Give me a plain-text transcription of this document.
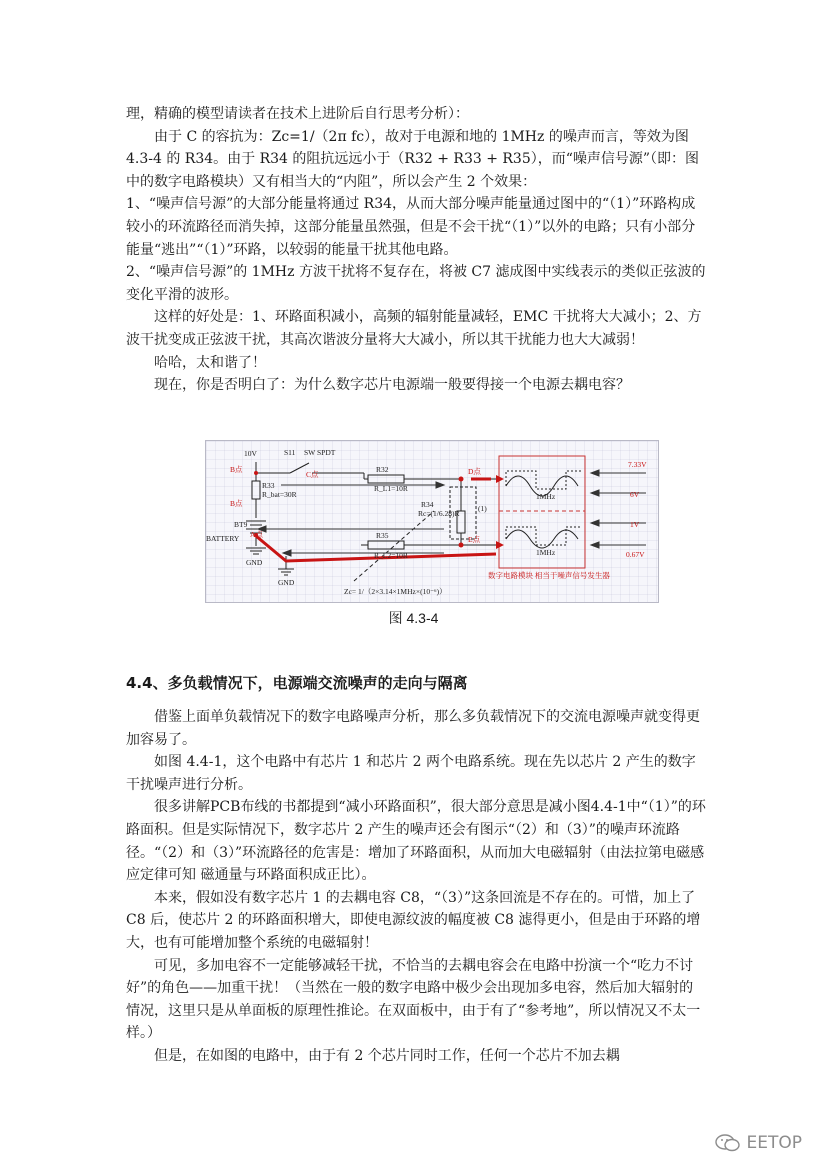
理，精确的模型请读者在技术上进阶后自行思考分析）：

由于 C 的容抗为：Zc=1/（2π fc），故对于电源和地的 1MHz 的噪声而言，等效为图 4.3-4 的 R34。由于 R34 的阻抗远远小于（R32 + R33 + R35），而“噪声信号源”（即：图中的数字电路模块）又有相当大的“内阻”，所以会产生 2 个效果：

1、“噪声信号源”的大部分能量将通过 R34，从而大部分噪声能量通过图中的“（1）”环路构成较小的环流路径而消失掉，这部分能量虽然强，但是不会干扰“（1）”以外的电路；只有小部分能量“逃出”“（1）”环路，以较弱的能量干扰其他电路。

2、“噪声信号源”的 1MHz 方波干扰将不复存在，将被 C7 滤成图中实线表示的类似正弦波的变化平滑的波形。

这样的好处是：1、环路面积减小，高频的辐射能量减轻，EMC 干扰将大大减小；2、方波干扰变成正弦波干扰，其高次谐波分量将大大减小，所以其干扰能力也大大减弱！

哈哈，太和谐了！

现在，你是否明白了：为什么数字芯片电源端一般要得接一个电源去耦电容？

10V	S11 SW SPDT
R32
R_L1=10R
R33
R_bat=30R
R34
Rc=(1/6.28)R
(1)
BT9
BATTERY	R35
R_L2=10R
GND
GND
1MHz
1MHz
Zc= 1/（2×3.14×1MHz×(10⁻⁶)）
B点
C点	D点
B点
A点
E点
7.33V
6V
1V
0.67V
数字电路模块 相当于噪声信号发生器
图 4.3-4
4.4、多负载情况下，电源端交流噪声的走向与隔离

借鉴上面单负载情况下的数字电路噪声分析，那么多负载情况下的交流电源噪声就变得更加容易了。

如图 4.4-1，这个电路中有芯片 1 和芯片 2 两个电路系统。现在先以芯片 2 产生的数字干扰噪声进行分析。

很多讲解PCB布线的书都提到“减小环路面积”，很大部分意思是减小图4.4-1中“（1）”的环路面积。但是实际情况下，数字芯片 2 产生的噪声还会有图示“（2）和（3）”的噪声环流路径。“（2）和（3）”环流路径的危害是：增加了环路面积，从而加大电磁辐射（由法拉第电磁感应定律可知 磁通量与环路面积成正比）。

本来，假如没有数字芯片 1 的去耦电容 C8，“（3）”这条回流是不存在的。可惜，加上了 C8 后，使芯片 2 的环路面积增大，即使电源纹波的幅度被 C8 滤得更小，但是由于环路的增大，也有可能增加整个系统的电磁辐射！

可见，多加电容不一定能够减轻干扰，不恰当的去耦电容会在电路中扮演一个“吃力不讨好”的角色——加重干扰！（当然在一般的数字电路中极少会出现加多电容，然后加大辐射的情况，这里只是从单面板的原理性推论。在双面板中，由于有了“参考地”，所以情况又不太一样。）

但是，在如图的电路中，由于有 2 个芯片同时工作，任何一个芯片不加去耦

EETOP
